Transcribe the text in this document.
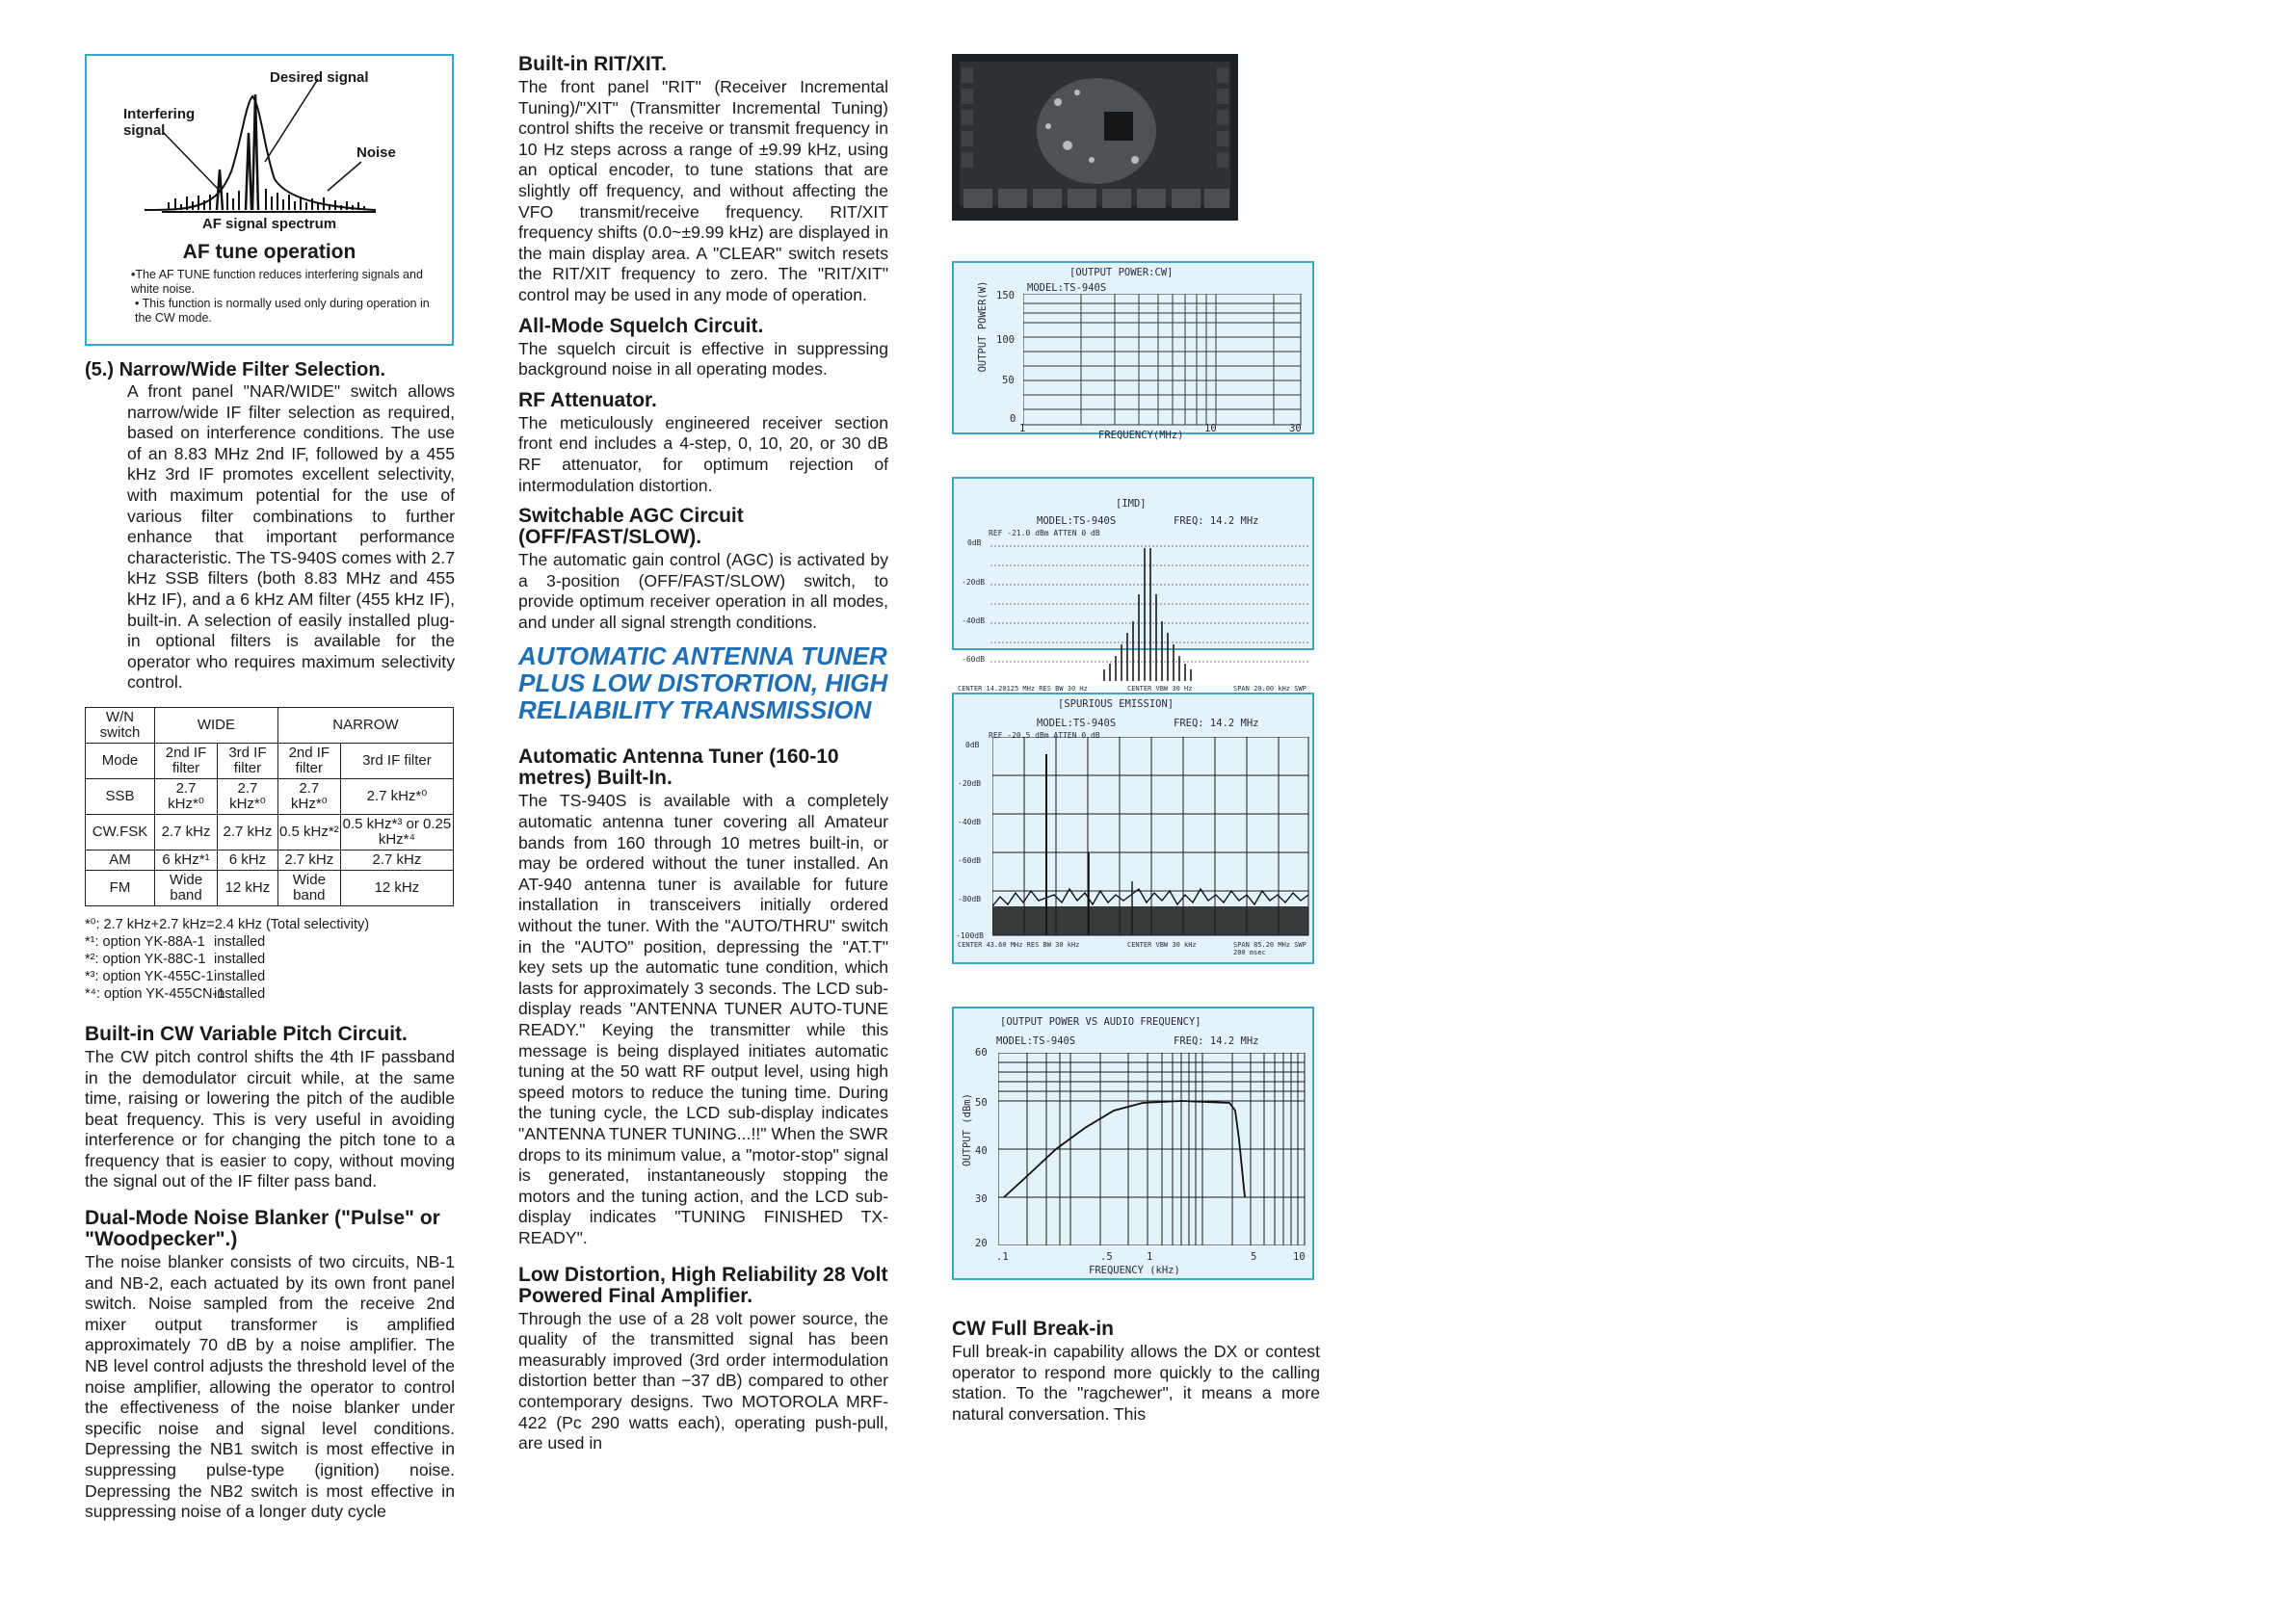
Interfering signal
Desired signal
Noise
AF signal spectrum
AF tune operation
•The AF TUNE function reduces interfering signals and white noise.
• This function is normally used only during operation in the CW mode.
(5.) Narrow/Wide Filter Selection.

A front panel "NAR/WIDE" switch allows narrow/wide IF filter selection as required, based on interference conditions. The use of an 8.83 MHz 2nd IF, followed by a 455 kHz 3rd IF promotes excellent selectivity, with maximum potential for the use of various filter combinations to further enhance that important performance characteristic. The TS-940S comes with 2.7 kHz SSB filters (both 8.83 MHz and 455 kHz IF), and a 6 kHz AM filter (455 kHz IF), built-in. A selection of easily installed plug-in optional filters is available for the operator who requires maximum selectivity control.

W/N switch	WIDE		NARROW	
Mode	2nd IF filter	3rd IF filter	2nd IF filter	3rd IF filter
SSB	2.7 kHz*⁰	2.7 kHz*⁰	2.7 kHz*⁰	2.7 kHz*⁰
CW.FSK	2.7 kHz	2.7 kHz	0.5 kHz*²	0.5 kHz*³ or 0.25 kHz*⁴
AM	6 kHz*¹	6 kHz	2.7 kHz	2.7 kHz
FM	Wide band	12 kHz	Wide band	12 kHz
*⁰: 2.7 kHz+2.7 kHz=2.4 kHz (Total selectivity)
*¹: option YK-88A-1 installed
*²: option YK-88C-1 installed
*³: option YK-455C-1 installed
*⁴: option YK-455CN-1 installed
Built-in CW Variable Pitch Circuit.

The CW pitch control shifts the 4th IF passband in the demodulator circuit while, at the same time, raising or lowering the pitch of the audible beat frequency. This is very useful in avoiding interference or for changing the pitch tone to a frequency that is easier to copy, without moving the signal out of the IF filter pass band.

Dual-Mode Noise Blanker ("Pulse" or "Woodpecker".)

The noise blanker consists of two circuits, NB-1 and NB-2, each actuated by its own front panel switch. Noise sampled from the receive 2nd mixer output transformer is amplified approximately 70 dB by a noise amplifier. The NB level control adjusts the threshold level of the noise amplifier, allowing the operator to control the effectiveness of the noise blanker under specific noise and signal level conditions. Depressing the NB1 switch is most effective in suppressing pulse-type (ignition) noise. Depressing the NB2 switch is most effective in suppressing noise of a longer duty cycle

Built-in RIT/XIT.

The front panel "RIT" (Receiver Incremental Tuning)/"XIT" (Transmitter Incremental Tuning) control shifts the receive or transmit frequency in 10 Hz steps across a range of ±9.99 kHz, using an optical encoder, to tune stations that are slightly off frequency, and without affecting the VFO transmit/receive frequency. RIT/XIT frequency shifts (0.0~±9.99 kHz) are displayed in the main display area. A "CLEAR" switch resets the RIT/XIT frequency to zero. The "RIT/XIT" control may be used in any mode of operation.

All-Mode Squelch Circuit.

The squelch circuit is effective in suppressing background noise in all operating modes.

RF Attenuator.

The meticulously engineered receiver section front end includes a 4-step, 0, 10, 20, or 30 dB RF attenuator, for optimum rejection of intermodulation distortion.

Switchable AGC Circuit (OFF/FAST/SLOW).

The automatic gain control (AGC) is activated by a 3-position (OFF/FAST/SLOW) switch, to provide optimum receiver operation in all modes, and under all signal strength conditions.

AUTOMATIC ANTENNA TUNER PLUS LOW DISTORTION, HIGH RELIABILITY TRANSMISSION
Automatic Antenna Tuner (160-10 metres) Built-In.

The TS-940S is available with a completely automatic antenna tuner covering all Amateur bands from 160 through 10 metres built-in, or may be ordered without the tuner installed. An AT-940 antenna tuner is available for future installation in transceivers initially ordered without the tuner. With the "AUTO/THRU" switch in the "AUTO" position, depressing the "AT.T" key sets up the automatic tune condition, which lasts for approximately 3 seconds. The LCD sub-display reads "ANTENNA TUNER AUTO-TUNE READY." Keying the transmitter while this message is being displayed initiates automatic tuning at the 50 watt RF output level, using high speed motors to reduce the tuning time. During the tuning cycle, the LCD sub-display indicates "ANTENNA TUNER TUNING...!!" When the SWR drops to its minimum value, a "motor-stop" signal is generated, instantaneously stopping the motors and the tuning action, and the LCD sub-display indicates "TUNING FINISHED TX-READY".

Low Distortion, High Reliability 28 Volt Powered Final Amplifier.

Through the use of a 28 volt power source, the quality of the transmitted signal has been measurably improved (3rd order intermodulation distortion better than −37 dB) compared to other contemporary designs. Two MOTOROLA MRF-422 (Pc 290 watts each), operating push-pull, are used in

[OUTPUT POWER:CW]
MODEL:TS-940S
OUTPUT POWER(W) 150
100
50
0
1	10	30
FREQUENCY(MHz)
[IMD]
MODEL:TS-940S	FREQ: 14.2 MHz
REF -21.0 dBm ATTEN 0 dB
0dB
-20dB
-40dB
-60dB
CENTER 14.20125 MHz RES BW 30 Hz	CENTER VBW 30 Hz	SPAN 20.00 kHz SWP
[SPURIOUS EMISSION]
MODEL:TS-940S	FREQ: 14.2 MHz
REF -20.5 dBm ATTEN 0 dB
0dB
-20dB
-40dB
-60dB
-80dB
-100dB
CENTER 43.60 MHz RES BW 30 kHz	CENTER VBW 30 kHz	SPAN 85.20 MHz SWP 200 msec
[OUTPUT POWER VS AUDIO FREQUENCY]
MODEL:TS-940S	FREQ: 14.2 MHz
OUTPUT (dBm)
60
50
40
30
20
.1	.5	1	5	10
FREQUENCY (kHz)
CW Full Break-in

Full break-in capability allows the DX or contest operator to respond more quickly to the calling station. To the "ragchewer", it means a more natural conversation. This
